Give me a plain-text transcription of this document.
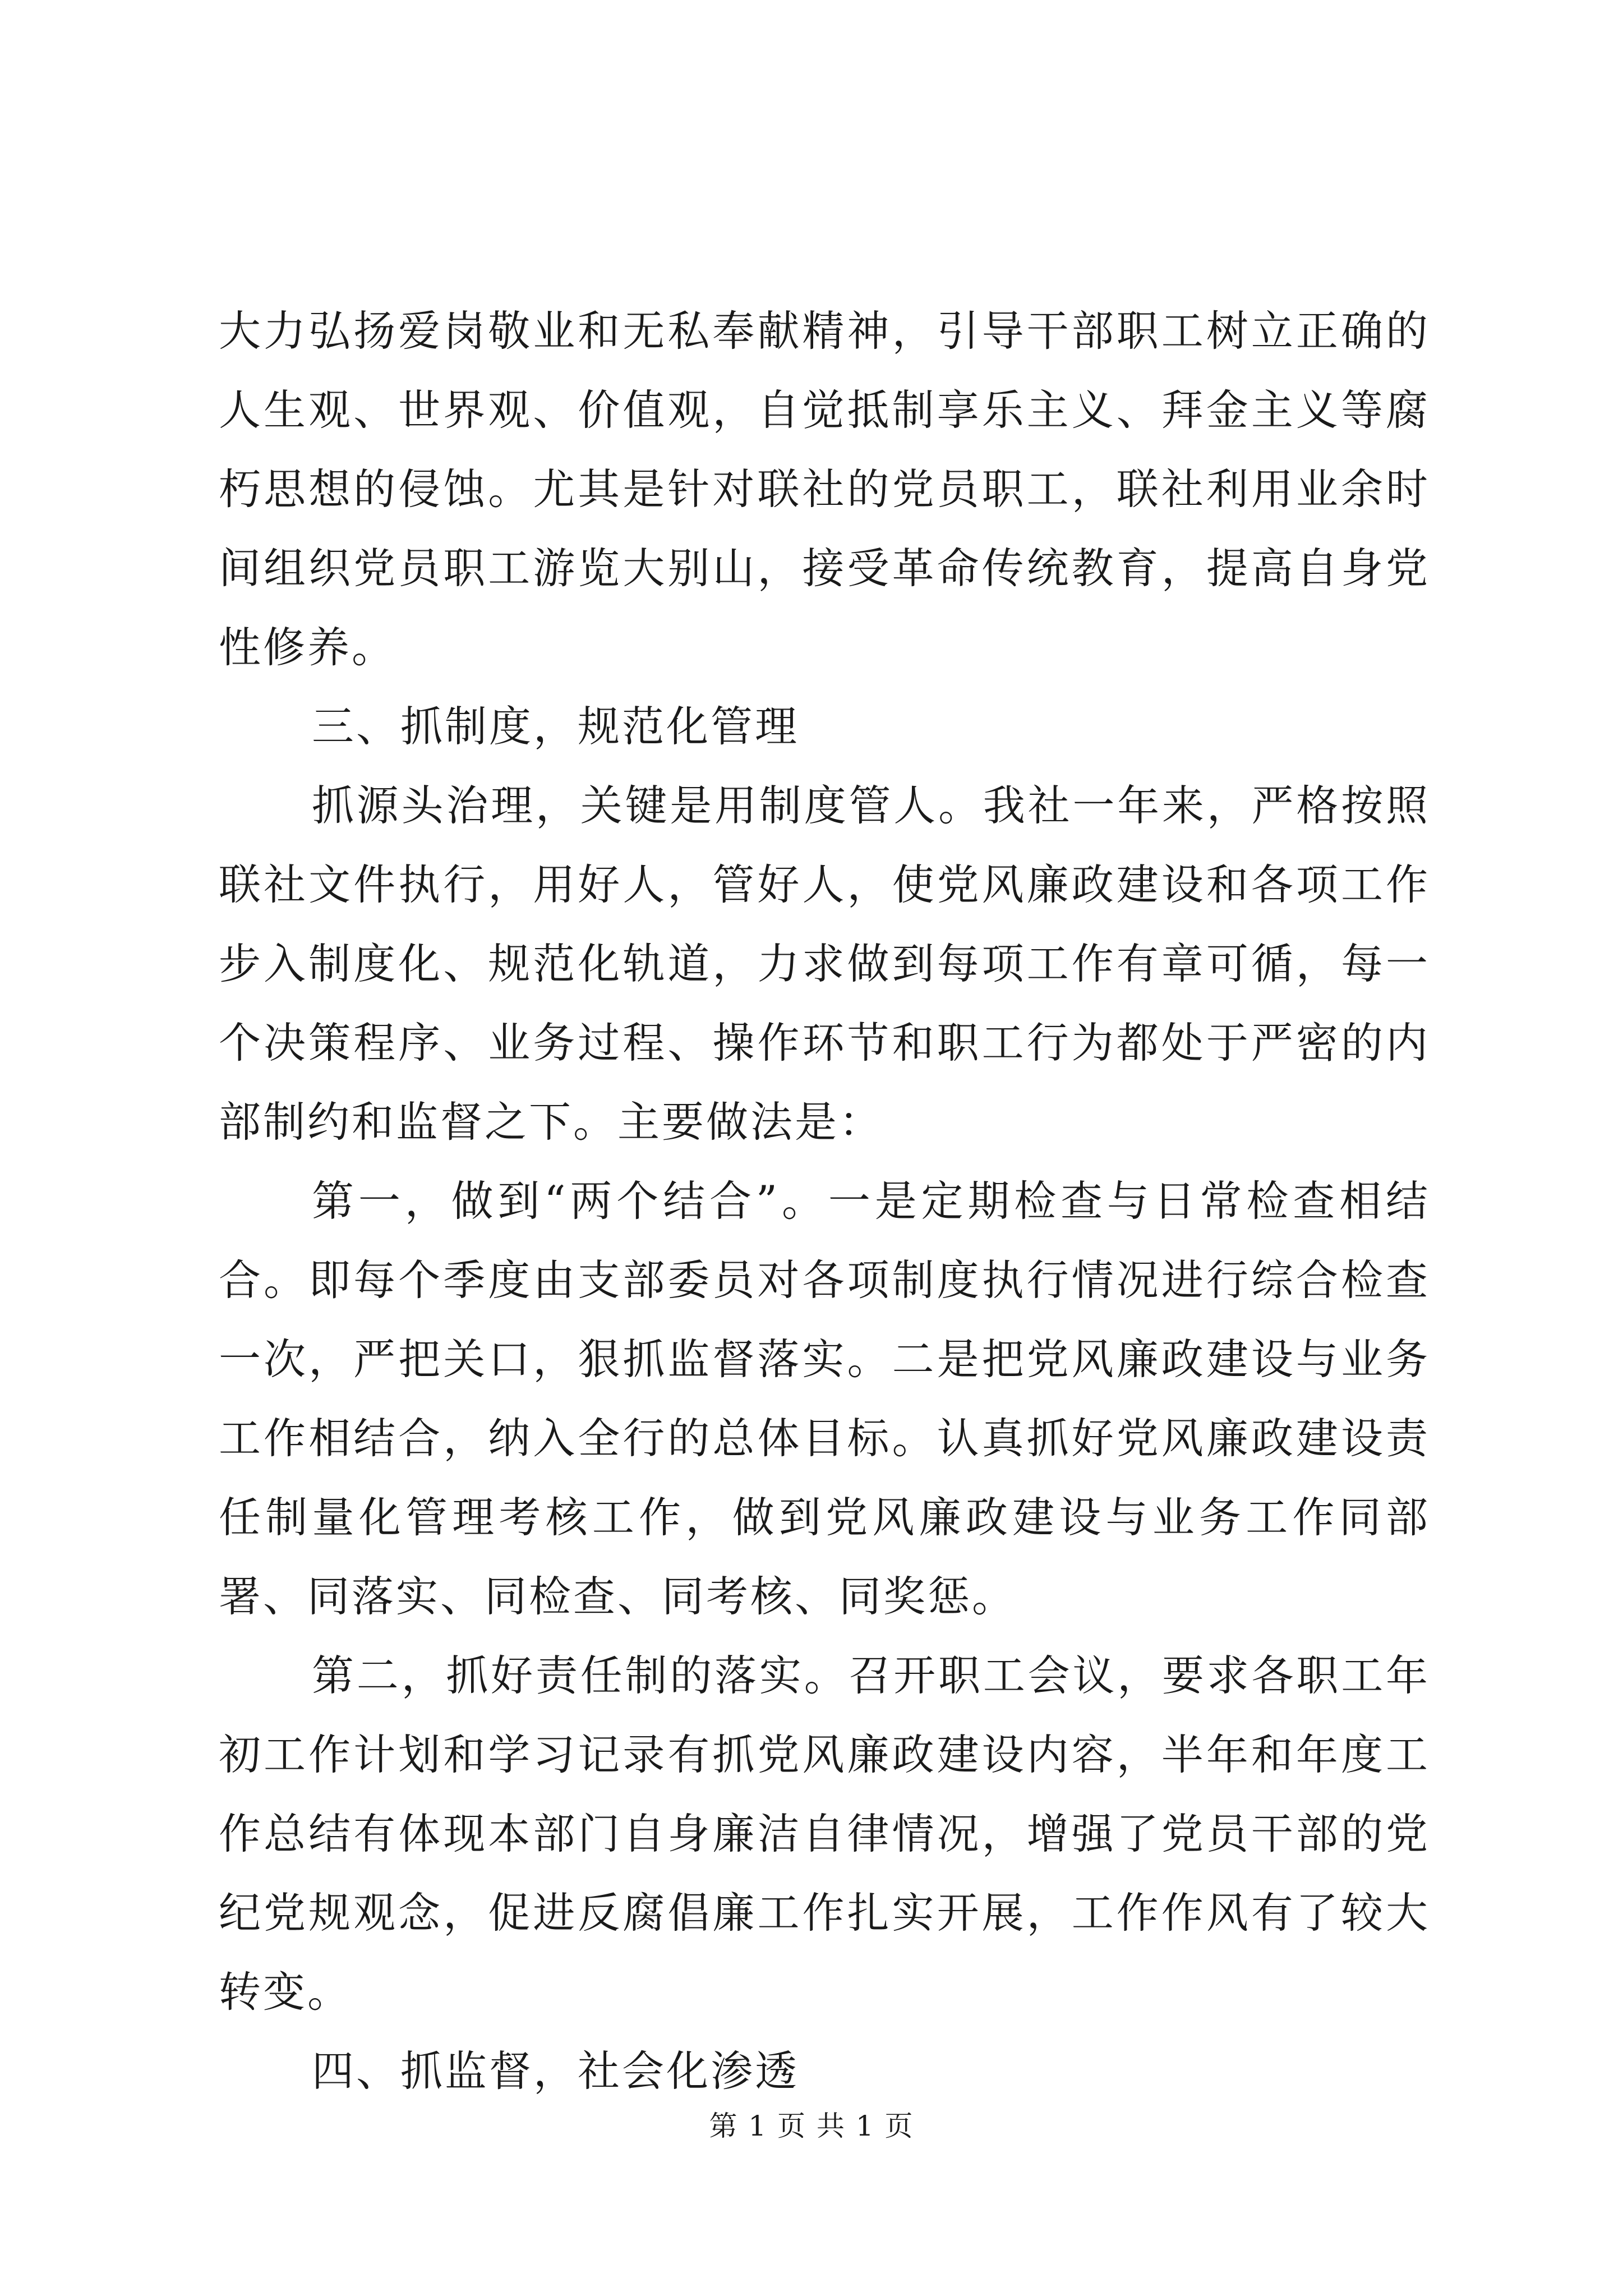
大力弘扬爱岗敬业和无私奉献精神，引导干部职工树立正确的人生观、世界观、价值观，自觉抵制享乐主义、拜金主义等腐朽思想的侵蚀。尤其是针对联社的党员职工，联社利用业余时间组织党员职工游览大别山，接受革命传统教育，提高自身党性修养。

三、抓制度，规范化管理

抓源头治理，关键是用制度管人。我社一年来，严格按照联社文件执行，用好人，管好人，使党风廉政建设和各项工作步入制度化、规范化轨道，力求做到每项工作有章可循，每一个决策程序、业务过程、操作环节和职工行为都处于严密的内部制约和监督之下。主要做法是：

第一，做到“两个结合”。一是定期检查与日常检查相结合。即每个季度由支部委员对各项制度执行情况进行综合检查一次，严把关口，狠抓监督落实。二是把党风廉政建设与业务工作相结合，纳入全行的总体目标。认真抓好党风廉政建设责任制量化管理考核工作，做到党风廉政建设与业务工作同部署、同落实、同检查、同考核、同奖惩。

第二，抓好责任制的落实。召开职工会议，要求各职工年初工作计划和学习记录有抓党风廉政建设内容，半年和年度工作总结有体现本部门自身廉洁自律情况，增强了党员干部的党纪党规观念，促进反腐倡廉工作扎实开展，工作作风有了较大转变。

四、抓监督，社会化渗透

第 1 页 共 1 页
